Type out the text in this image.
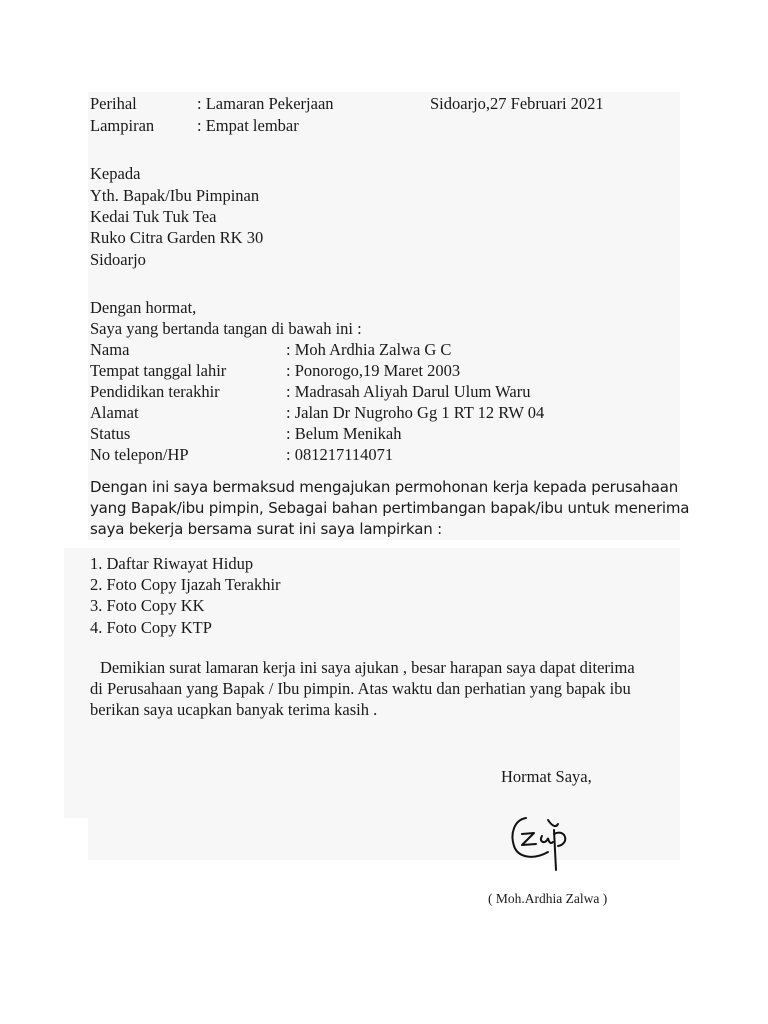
Perihal	: Lamaran Pekerjaan	Sidoarjo,27 Februari 2021
Lampiran	: Empat lembar
Kepada
Yth. Bapak/Ibu Pimpinan
Kedai Tuk Tuk Tea
Ruko Citra Garden RK 30
Sidoarjo
Dengan hormat,
Saya yang bertanda tangan di bawah ini :
Nama	: Moh Ardhia Zalwa G C
Tempat tanggal lahir	: Ponorogo,19 Maret 2003
Pendidikan terakhir	: Madrasah Aliyah Darul Ulum Waru
Alamat	: Jalan Dr Nugroho Gg 1 RT 12 RW 04
Status	: Belum Menikah
No telepon/HP	: 081217114071
Dengan ini saya bermaksud mengajukan permohonan kerja kepada perusahaan
yang Bapak/ibu pimpin, Sebagai bahan pertimbangan bapak/ibu untuk menerima
saya bekerja bersama surat ini saya lampirkan :
1. Daftar Riwayat Hidup
2. Foto Copy Ijazah Terakhir
3. Foto Copy KK
4. Foto Copy KTP
Demikian surat lamaran kerja ini saya ajukan , besar harapan saya dapat diterima
di Perusahaan yang Bapak / Ibu pimpin. Atas waktu dan perhatian yang bapak ibu
berikan saya ucapkan banyak terima kasih .
Hormat Saya,
( Moh.Ardhia Zalwa )
